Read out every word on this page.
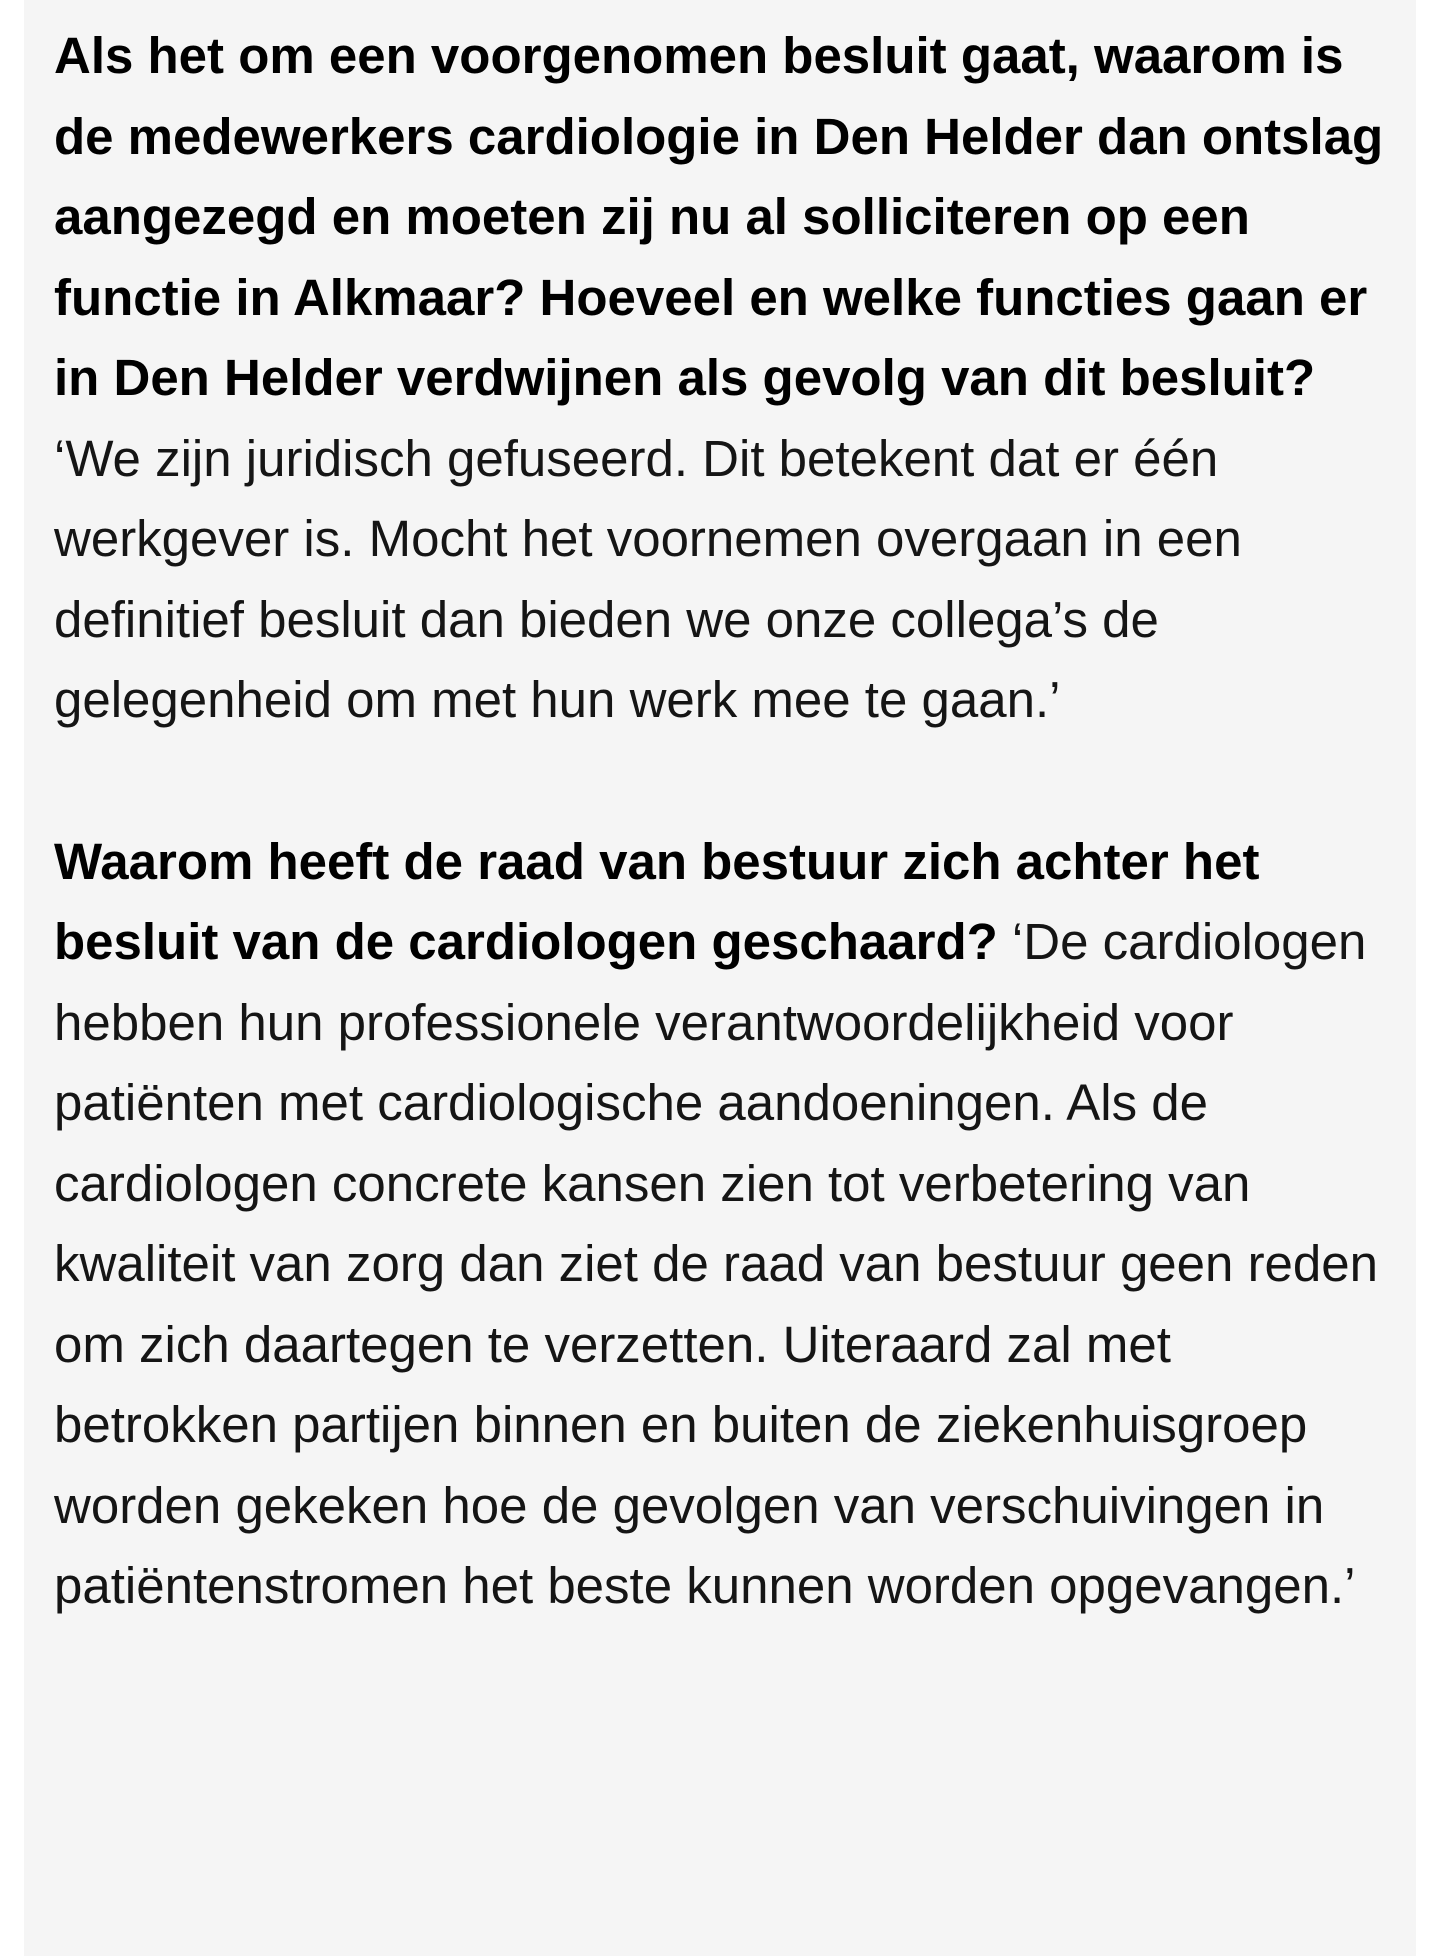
Als het om een voorgenomen besluit gaat, waarom is de medewerkers cardiologie in Den Helder dan ontslag aangezegd en moeten zij nu al solliciteren op een functie in Alkmaar? Hoeveel en welke functies gaan er in Den Helder verdwijnen als gevolg van dit besluit? ‘We zijn juridisch gefuseerd. Dit betekent dat er één werkgever is. Mocht het voornemen overgaan in een definitief besluit dan bieden we onze collega’s de gelegenheid om met hun werk mee te gaan.’

Waarom heeft de raad van bestuur zich achter het besluit van de cardiologen geschaard? ‘De cardiologen hebben hun professionele verantwoordelijkheid voor patiënten met cardiologische aandoeningen. Als de cardiologen concrete kansen zien tot verbetering van kwaliteit van zorg dan ziet de raad van bestuur geen reden om zich daartegen te verzetten. Uiteraard zal met betrokken partijen binnen en buiten de ziekenhuisgroep worden gekeken hoe de gevolgen van verschuivingen in patiëntenstromen het beste kunnen worden opgevangen.’
